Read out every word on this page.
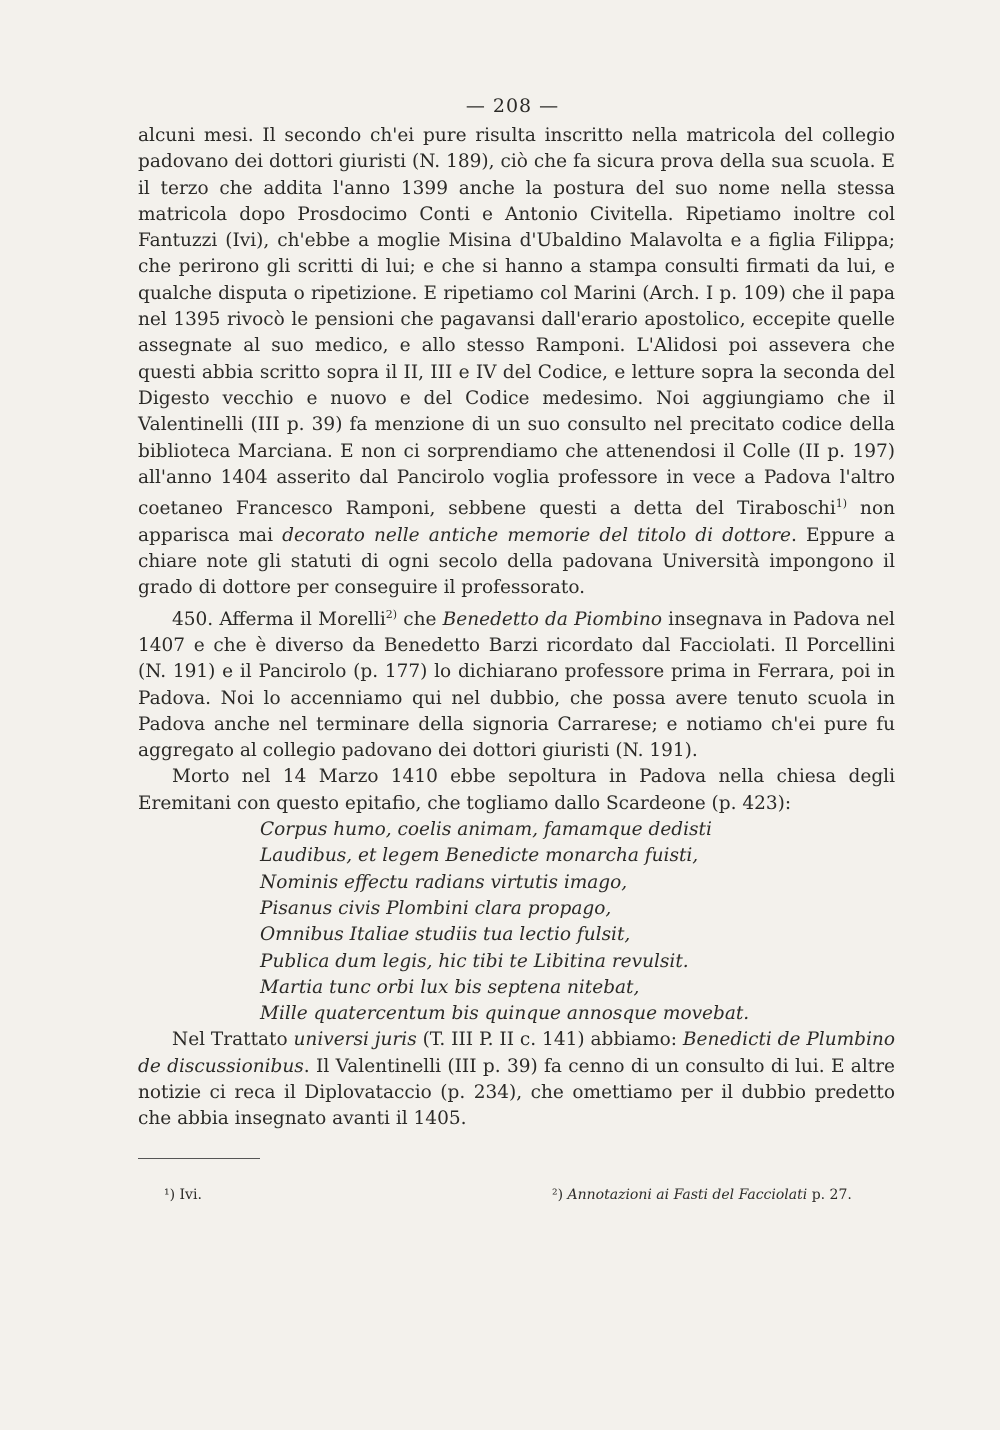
— 208 —

alcuni mesi. Il secondo ch'ei pure risulta inscritto nella matricola del collegio padovano dei dottori giuristi (N. 189), ciò che fa sicura prova della sua scuola. E il terzo che addita l'anno 1399 anche la postura del suo nome nella stessa matricola dopo Prosdocimo Conti e Antonio Civitella. Ripetiamo inoltre col Fantuzzi (Ivi), ch'ebbe a moglie Misina d'Ubaldino Malavolta e a figlia Filippa; che perirono gli scritti di lui; e che si hanno a stampa consulti firmati da lui, e qualche disputa o ripetizione. E ripetiamo col Marini (Arch. I p. 109) che il papa nel 1395 rivocò le pensioni che pagavansi dall'erario apostolico, eccepite quelle assegnate al suo medico, e allo stesso Ramponi. L'Alidosi poi assevera che questi abbia scritto sopra il II, III e IV del Codice, e letture sopra la seconda del Digesto vecchio e nuovo e del Codice medesimo. Noi aggiungiamo che il Valentinelli (III p. 39) fa menzione di un suo consulto nel precitato codice della biblioteca Marciana. E non ci sorprendiamo che attenendosi il Colle (II p. 197) all'anno 1404 asserito dal Pancirolo voglia professore in vece a Padova l'altro coetaneo Francesco Ramponi, sebbene questi a detta del Tiraboschi$^{1)}$ non apparisca mai decorato nelle antiche memorie del titolo di dottore. Eppure a chiare note gli statuti di ogni secolo della padovana Università impongono il grado di dottore per conseguire il professorato.

450. Afferma il Morelli$^{2)}$ che Benedetto da Piombino insegnava in Padova nel 1407 e che è diverso da Benedetto Barzi ricordato dal Facciolati. Il Porcellini (N. 191) e il Pancirolo (p. 177) lo dichiarano professore prima in Ferrara, poi in Padova. Noi lo accenniamo qui nel dubbio, che possa avere tenuto scuola in Padova anche nel terminare della signoria Carrarese; e notiamo ch'ei pure fu aggregato al collegio padovano dei dottori giuristi (N. 191).

Morto nel 14 Marzo 1410 ebbe sepoltura in Padova nella chiesa degli Eremitani con questo epitafio, che togliamo dallo Scardeone (p. 423):

Corpus humo, coelis animam, famamque dedisti
Laudibus, et legem Benedicte monarcha fuisti,
Nominis effectu radians virtutis imago,
Pisanus civis Plombini clara propago,
Omnibus Italiae studiis tua lectio fulsit,
Publica dum legis, hic tibi te Libitina revulsit.
Martia tunc orbi lux bis septena nitebat,
Mille quatercentum bis quinque annosque movebat.

Nel Trattato universi juris (T. III P. II c. 141) abbiamo: Benedicti de Plumbino de discussionibus. Il Valentinelli (III p. 39) fa cenno di un consulto di lui. E altre notizie ci reca il Diplovataccio (p. 234), che omettiamo per il dubbio predetto che abbia insegnato avanti il 1405.

¹) Ivi.	²) Annotazioni ai Fasti del Facciolati p. 27.
